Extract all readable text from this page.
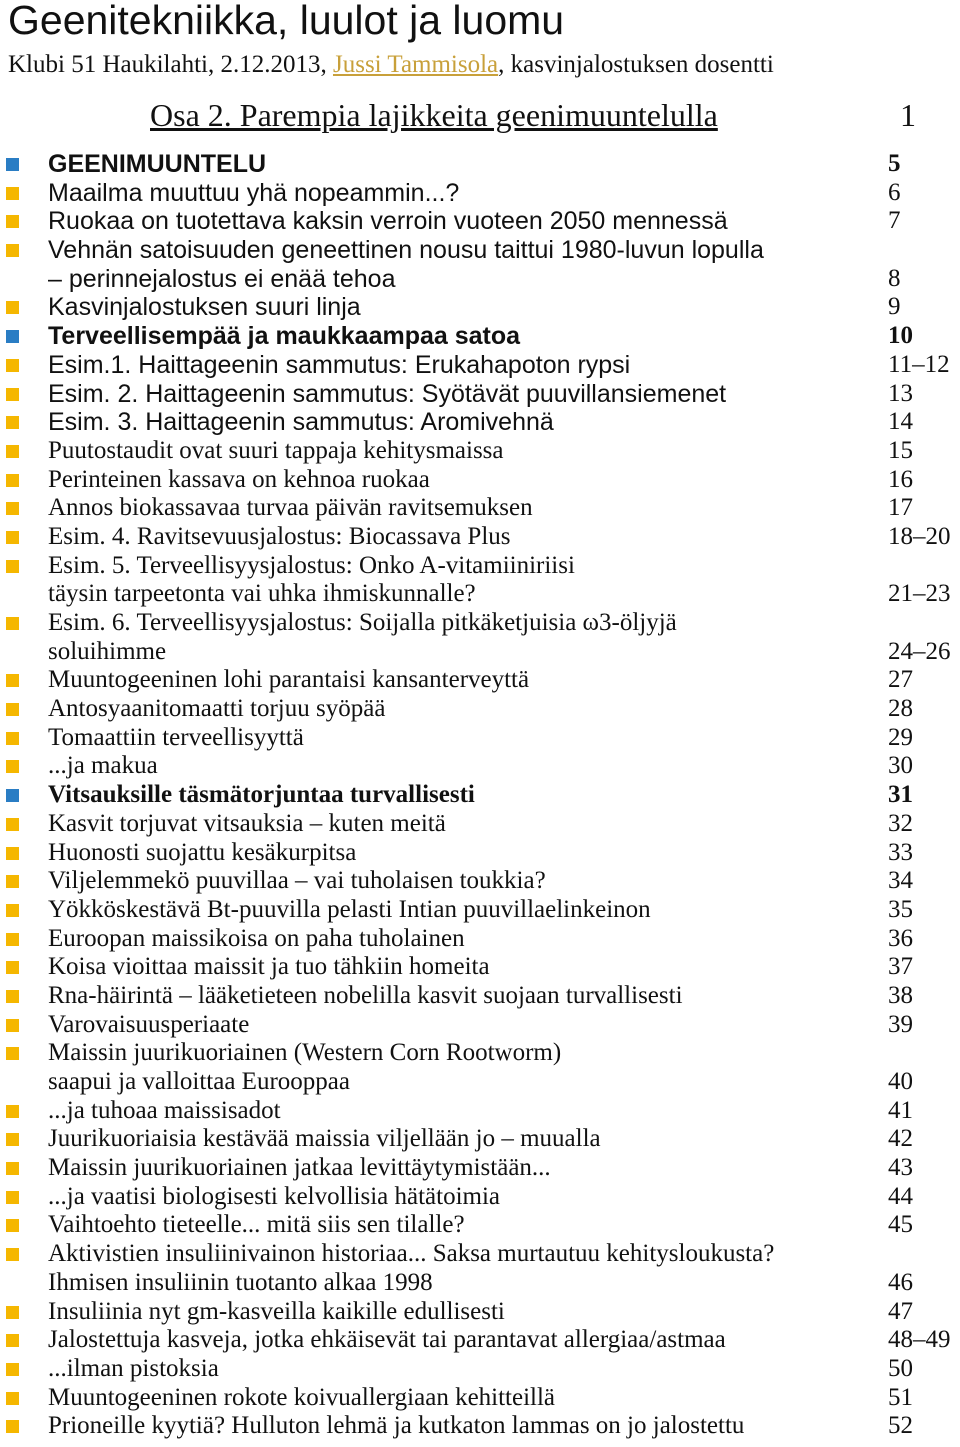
Geenitekniikka, luulot ja luomu
Klubi 51 Haukilahti, 2.12.2013, Jussi Tammisola, kasvinjalostuksen dosentti
Osa 2. Parempia lajikkeita geenimuuntelulla	1
GEENIMUUNTELU	5
Maailma muuttuu yhä nopeammin...?	6
Ruokaa on tuotettava kaksin verroin vuoteen 2050 mennessä	7
Vehnän satoisuuden geneettinen nousu taittui 1980-luvun lopulla
– perinnejalostus ei enää tehoa	8
Kasvinjalostuksen suuri linja	9
Terveellisempää ja maukkaampaa satoa	10
Esim.1. Haittageenin sammutus: Erukahapoton rypsi	11–12
Esim. 2. Haittageenin sammutus: Syötävät puuvillansiemenet	13
Esim. 3. Haittageenin sammutus: Aromivehnä	14
Puutostaudit ovat suuri tappaja kehitysmaissa	15
Perinteinen kassava on kehnoa ruokaa	16
Annos biokassavaa turvaa päivän ravitsemuksen	17
Esim. 4. Ravitsevuusjalostus: Biocassava Plus	18–20
Esim. 5. Terveellisyysjalostus: Onko A-vitamiiniriisi
täysin tarpeetonta vai uhka ihmiskunnalle?	21–23
Esim. 6. Terveellisyysjalostus: Soijalla pitkäketjuisia ω3-öljyjä
soluihimme	24–26
Muuntogeeninen lohi parantaisi kansanterveyttä	27
Antosyaanitomaatti torjuu syöpää	28
Tomaattiin terveellisyyttä	29
...ja makua	30
Vitsauksille täsmätorjuntaa turvallisesti	31
Kasvit torjuvat vitsauksia – kuten meitä	32
Huonosti suojattu kesäkurpitsa	33
Viljelemmekö puuvillaa – vai tuholaisen toukkia?	34
Yökköskestävä Bt-puuvilla pelasti Intian puuvillaelinkeinon	35
Euroopan maissikoisa on paha tuholainen	36
Koisa vioittaa maissit ja tuo tähkiin homeita	37
Rna-häirintä – lääketieteen nobelilla kasvit suojaan turvallisesti	38
Varovaisuusperiaate	39
Maissin juurikuoriainen (Western Corn Rootworm)
saapui ja valloittaa Eurooppaa	40
...ja tuhoaa maissisadot	41
Juurikuoriaisia kestävää maissia viljellään jo – muualla	42
Maissin juurikuoriainen jatkaa levittäytymistään...	43
...ja vaatisi biologisesti kelvollisia hätätoimia	44
Vaihtoehto tieteelle... mitä siis sen tilalle?	45
Aktivistien insuliinivainon historiaa... Saksa murtautuu kehitysloukusta?
Ihmisen insuliinin tuotanto alkaa 1998	46
Insuliinia nyt gm-kasveilla kaikille edullisesti	47
Jalostettuja kasveja, jotka ehkäisevät tai parantavat allergiaa/astmaa	48–49
...ilman pistoksia	50
Muuntogeeninen rokote koivuallergiaan kehitteillä	51
Prioneille kyytiä? Hulluton lehmä ja kutkaton lammas on jo jalostettu	52
